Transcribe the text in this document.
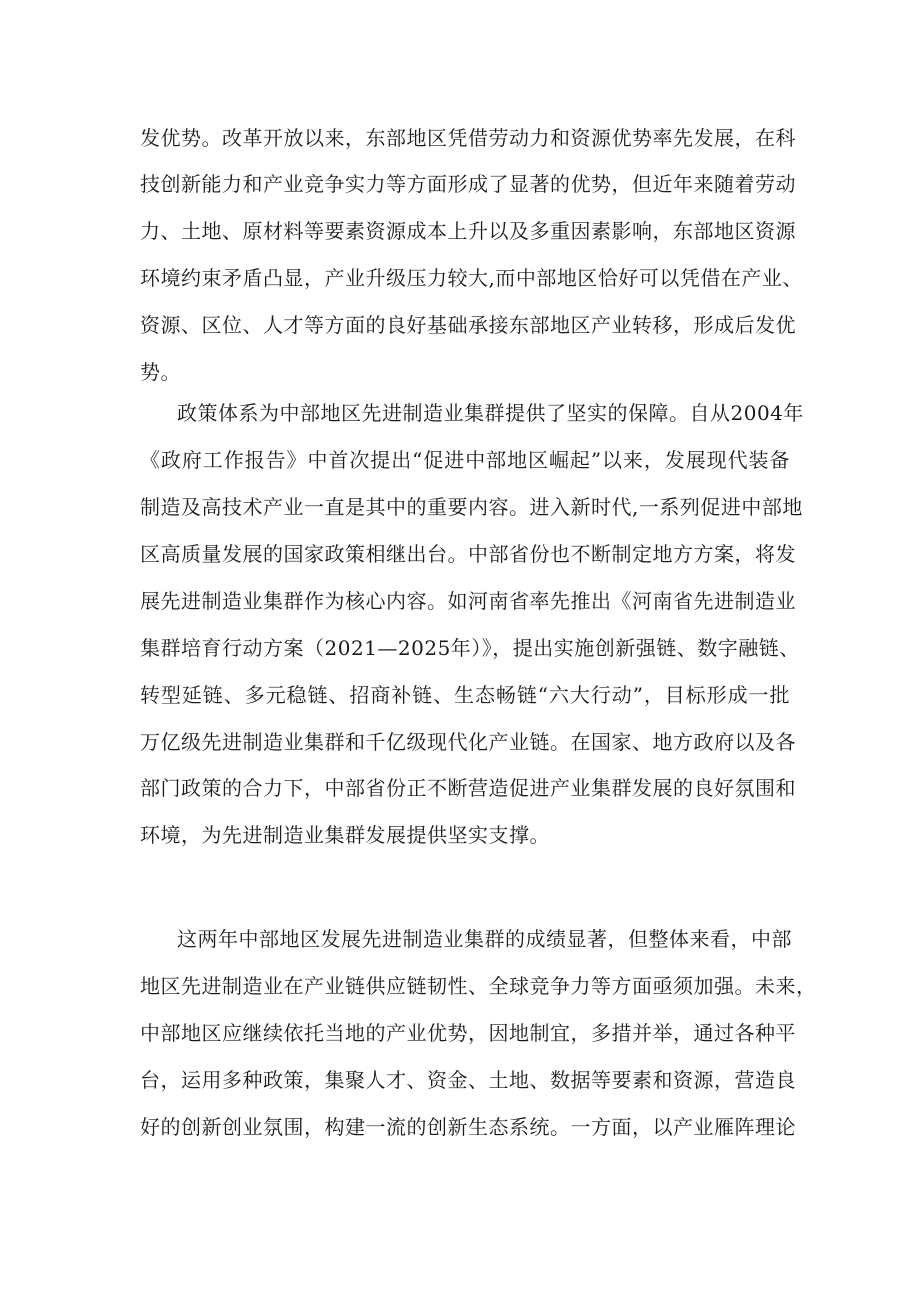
发优势。改革开放以来，东部地区凭借劳动力和资源优势率先发展，在科
技创新能力和产业竞争实力等方面形成了显著的优势，但近年来随着劳动
力、土地、原材料等要素资源成本上升以及多重因素影响，东部地区资源
环境约束矛盾凸显，产业升级压力较大,而中部地区恰好可以凭借在产业、
资源、区位、人才等方面的良好基础承接东部地区产业转移，形成后发优
势。
政策体系为中部地区先进制造业集群提供了坚实的保障。自从2004年
《政府工作报告》中首次提出“促进中部地区崛起”以来，发展现代装备
制造及高技术产业一直是其中的重要内容。进入新时代,一系列促进中部地
区高质量发展的国家政策相继出台。中部省份也不断制定地方方案，将发
展先进制造业集群作为核心内容。如河南省率先推出《河南省先进制造业
集群培育行动方案（2021—2025年）》，提出实施创新强链、数字融链、
转型延链、多元稳链、招商补链、生态畅链“六大行动”，目标形成一批
万亿级先进制造业集群和千亿级现代化产业链。在国家、地方政府以及各
部门政策的合力下，中部省份正不断营造促进产业集群发展的良好氛围和
环境，为先进制造业集群发展提供坚实支撑。
这两年中部地区发展先进制造业集群的成绩显著，但整体来看，中部
地区先进制造业在产业链供应链韧性、全球竞争力等方面亟须加强。未来，
中部地区应继续依托当地的产业优势，因地制宜，多措并举，通过各种平
台，运用多种政策，集聚人才、资金、土地、数据等要素和资源，营造良
好的创新创业氛围，构建一流的创新生态系统。一方面，以产业雁阵理论
